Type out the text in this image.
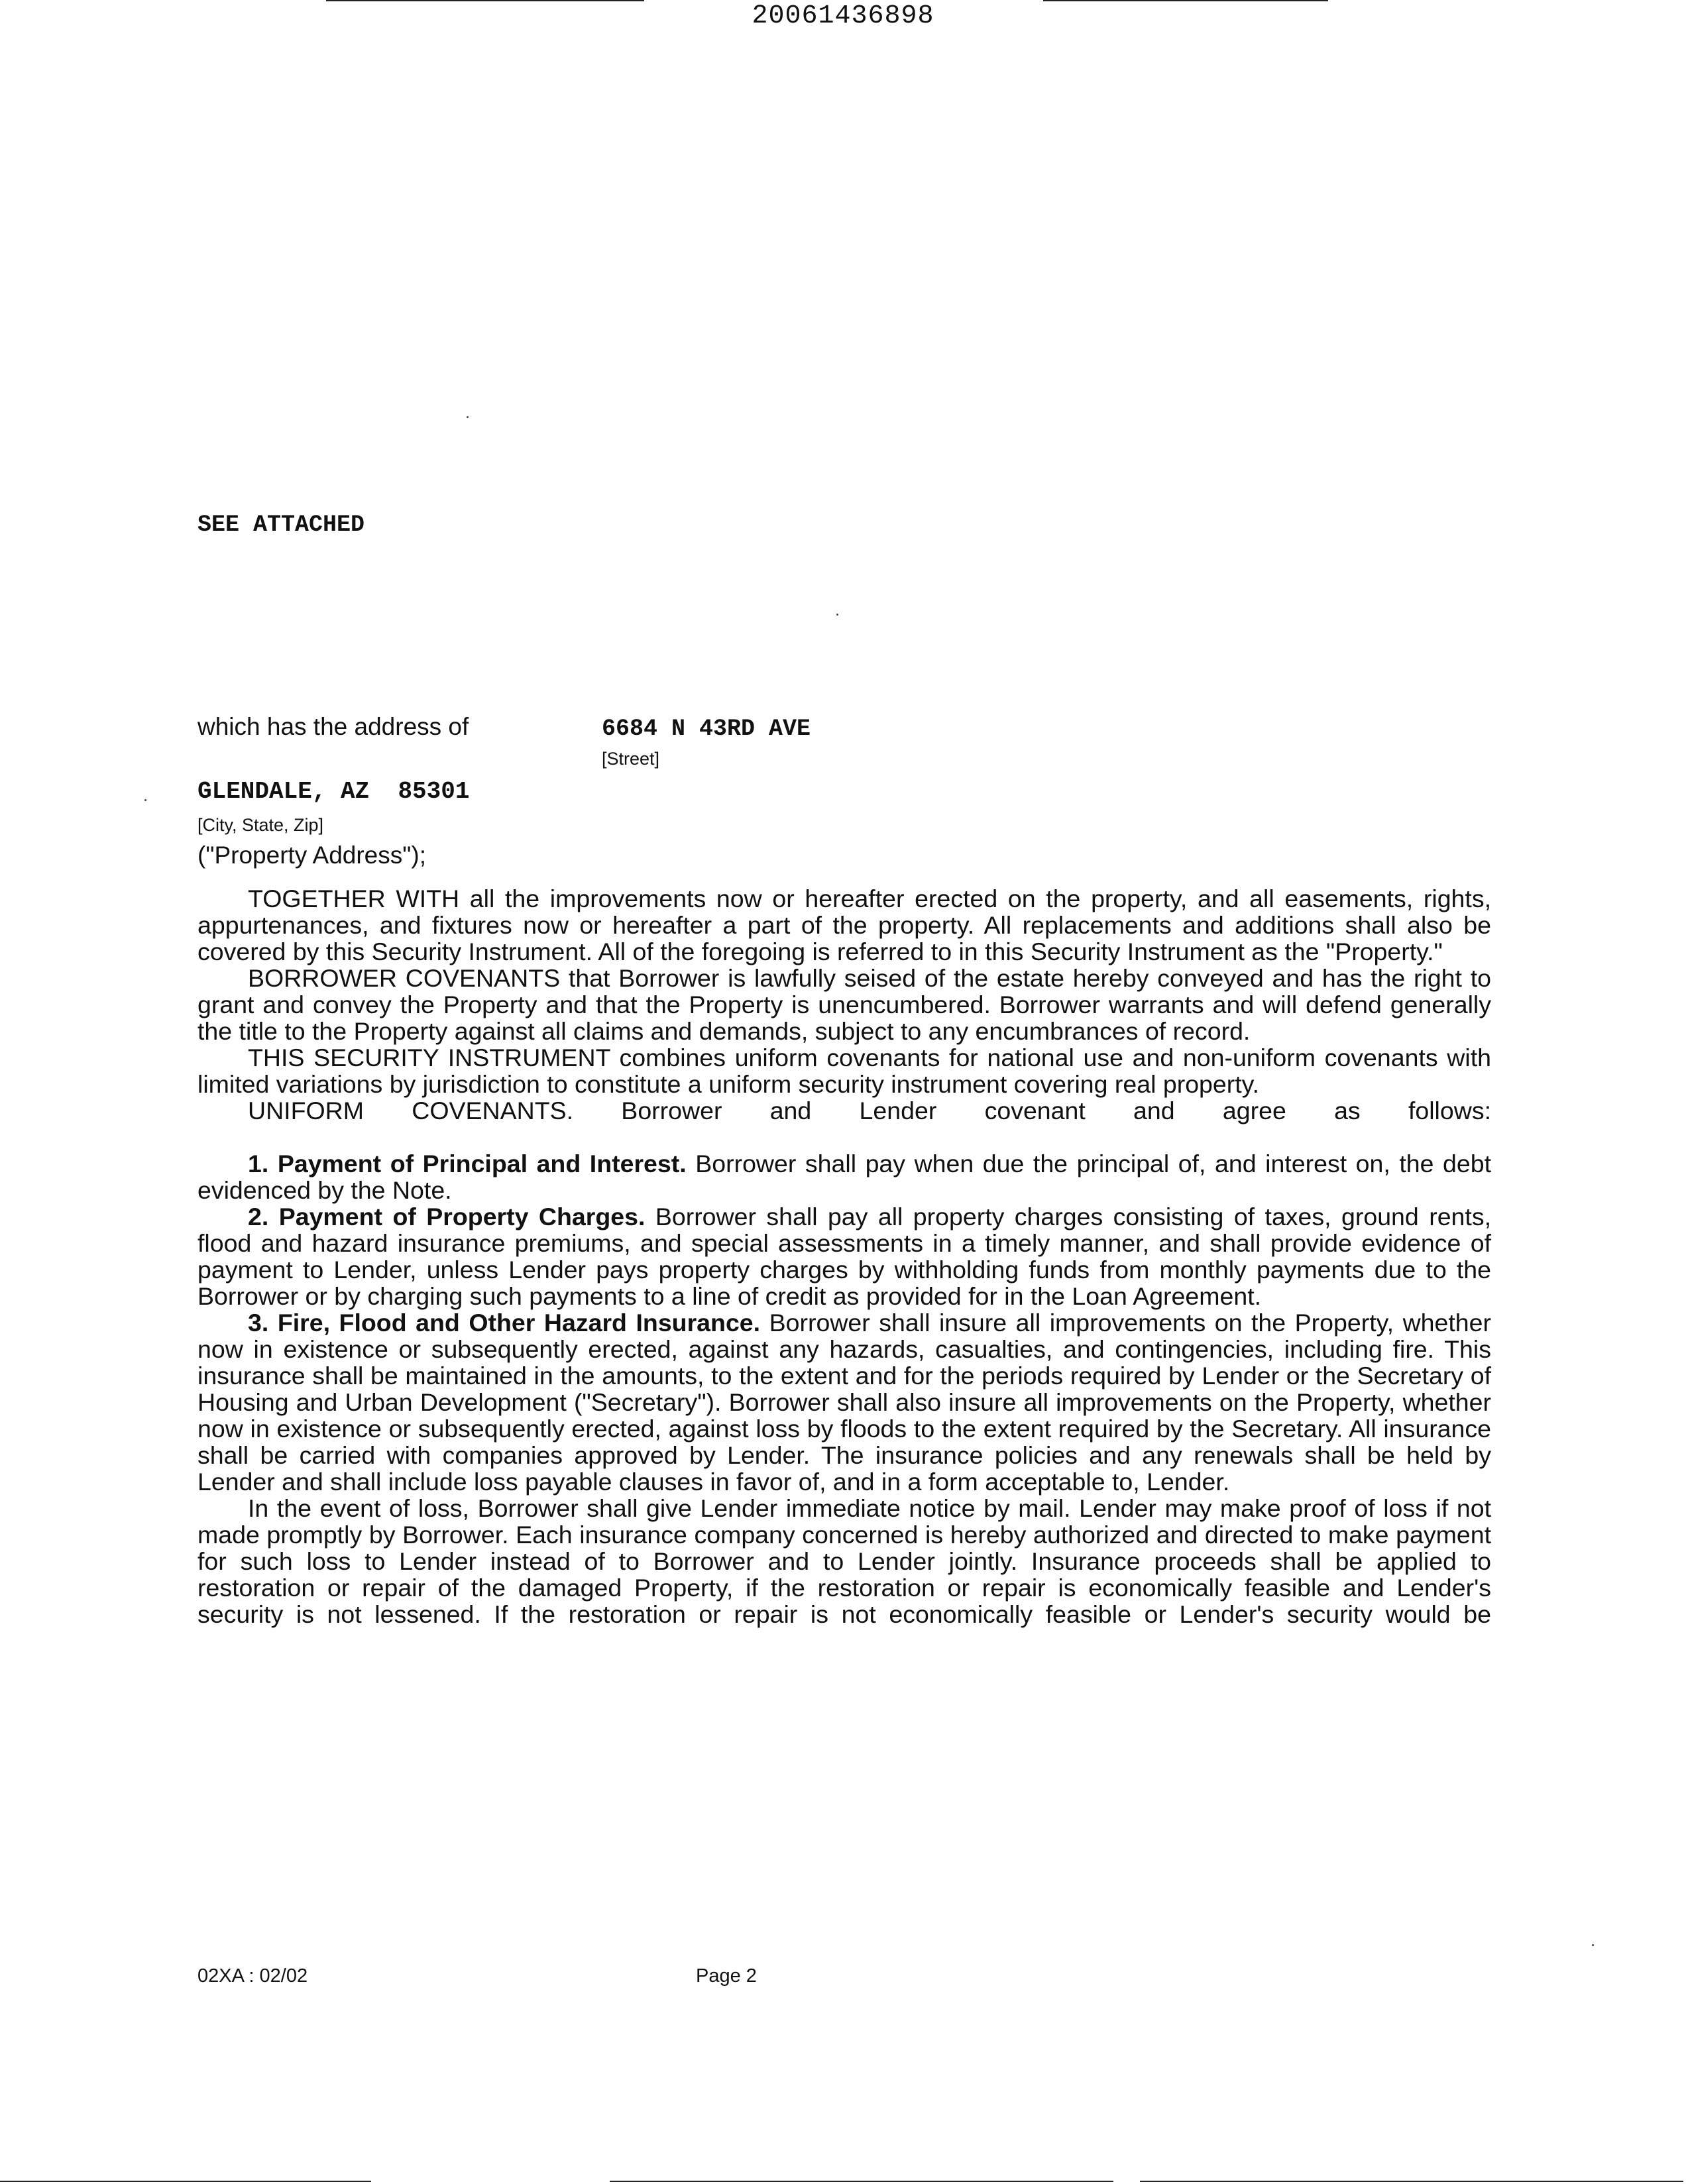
20061436898
SEE ATTACHED
which has the address of	6684 N 43RD AVE
[Street]
GLENDALE, AZ  85301
[City, State, Zip]
("Property Address");

TOGETHER WITH all the improvements now or hereafter erected on the property, and all easements, rights, appurtenances, and fixtures now or hereafter a part of the property. All replacements and additions shall also be covered by this Security Instrument. All of the foregoing is referred to in this Security Instrument as the "Property."

BORROWER COVENANTS that Borrower is lawfully seised of the estate hereby conveyed and has the right to grant and convey the Property and that the Property is unencumbered. Borrower warrants and will defend generally the title to the Property against all claims and demands, subject to any encumbrances of record.

THIS SECURITY INSTRUMENT combines uniform covenants for national use and non-uniform covenants with limited variations by jurisdiction to constitute a uniform security instrument covering real property.

UNIFORM COVENANTS. Borrower and Lender covenant and agree as follows:

1. Payment of Principal and Interest. Borrower shall pay when due the principal of, and interest on, the debt evidenced by the Note.

2. Payment of Property Charges. Borrower shall pay all property charges consisting of taxes, ground rents, flood and hazard insurance premiums, and special assessments in a timely manner, and shall provide evidence of payment to Lender, unless Lender pays property charges by withholding funds from monthly payments due to the Borrower or by charging such payments to a line of credit as provided for in the Loan Agreement.

3. Fire, Flood and Other Hazard Insurance. Borrower shall insure all improvements on the Property, whether now in existence or subsequently erected, against any hazards, casualties, and contingencies, including fire. This insurance shall be maintained in the amounts, to the extent and for the periods required by Lender or the Secretary of Housing and Urban Development ("Secretary"). Borrower shall also insure all improvements on the Property, whether now in existence or subsequently erected, against loss by floods to the extent required by the Secretary. All insurance shall be carried with companies approved by Lender. The insurance policies and any renewals shall be held by Lender and shall include loss payable clauses in favor of, and in a form acceptable to, Lender.

In the event of loss, Borrower shall give Lender immediate notice by mail. Lender may make proof of loss if not made promptly by Borrower. Each insurance company concerned is hereby authorized and directed to make payment for such loss to Lender instead of to Borrower and to Lender jointly. Insurance proceeds shall be applied to restoration or repair of the damaged Property, if the restoration or repair is economically feasible and Lender's security is not lessened. If the restoration or repair is not economically feasible or Lender's security would be

02XA : 02/02	Page 2
